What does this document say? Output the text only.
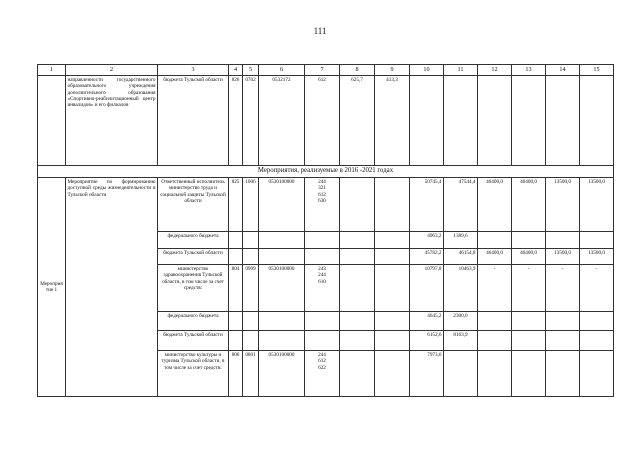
111
1	2	3	4	5	6	7	8	9	10	11	12	13	14	15
	направленности государственного образовательного учреждения дополнительного образования «Спортивно-реабилитационный центр инвалидов» и его филиалов	бюджета Тульской области	826	0702	0532172	612	625,7	413,3						
Мероприятия, реализуемые в 2016 -2021 годах														
Мероприятие 1	Мероприятие по формированию доступной среды жизнедеятельности в Тульской области	Ответственный исполнитель министерство труда и социальной защиты Тульской области	825	1006	0530100000	244
321
612
630			50745,4	47544,4	46400,0	46400,0	13500,0	13500,0
		федерального бюджета							4963,2	1389,6				
		бюджета Тульской области							45782,2	46154,8	46400,0	46400,0	13500,0	13500,0
		министерство здравоохранения Тульской области, в том числе за счет средств:	804	0909	0530100000	243
244
610			10797,8	10463,9	-	-	-	-
		федерального бюджета							4645,2	2300,0				
		бюджета Тульской области							6152,6	8163,9				
		министерство культуры и туризма Тульской области, в том числе за счет средств:	806	0801	0530100000	244
612
622			7973,6					
